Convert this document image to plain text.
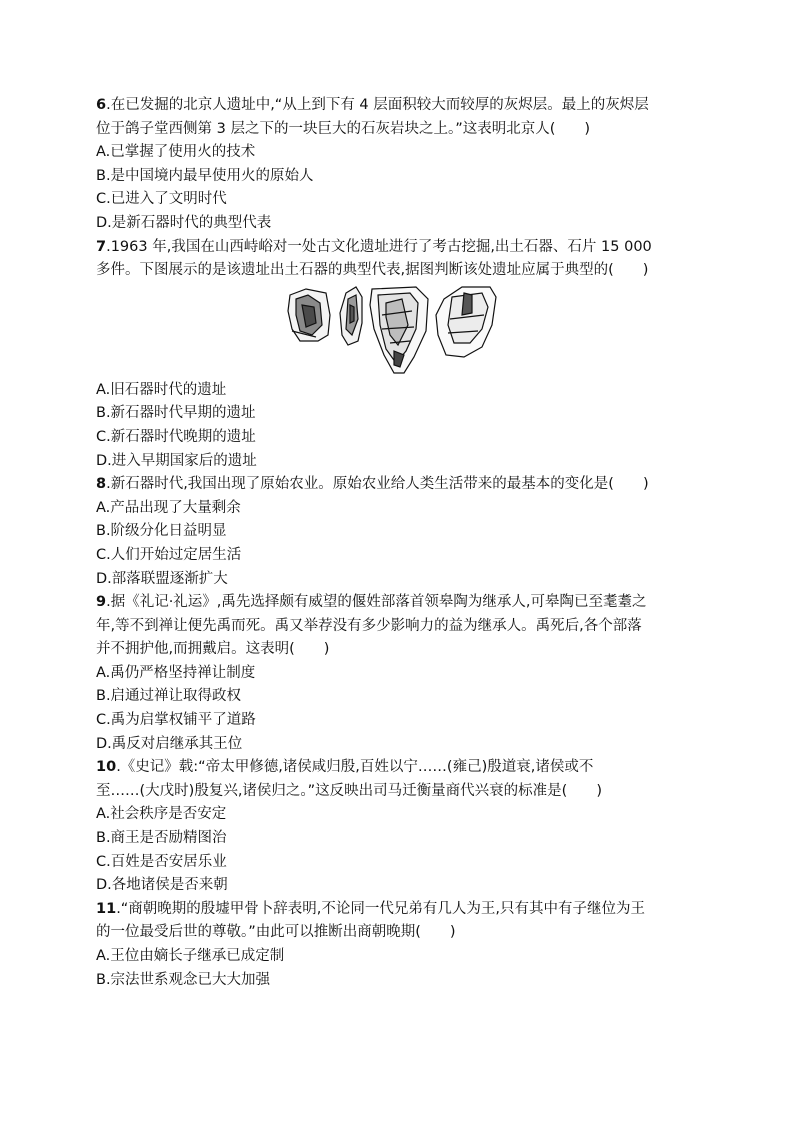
6.在已发掘的北京人遗址中,“从上到下有 4 层面积较大而较厚的灰烬层。最上的灰烬层
位于鸽子堂西侧第 3 层之下的一块巨大的石灰岩块之上。”这表明北京人(　　)
A.已掌握了使用火的技术
B.是中国境内最早使用火的原始人
C.已进入了文明时代
D.是新石器时代的典型代表
7.1963 年,我国在山西峙峪对一处古文化遗址进行了考古挖掘,出土石器、石片 15 000
多件。下图展示的是该遗址出土石器的典型代表,据图判断该处遗址应属于典型的(　　)
A.旧石器时代的遗址
B.新石器时代早期的遗址
C.新石器时代晚期的遗址
D.进入早期国家后的遗址
8.新石器时代,我国出现了原始农业。原始农业给人类生活带来的最基本的变化是(　　)
A.产品出现了大量剩余
B.阶级分化日益明显
C.人们开始过定居生活
D.部落联盟逐渐扩大
9.据《礼记·礼运》,禹先选择颇有威望的偃姓部落首领皋陶为继承人,可皋陶已至耄耋之
年,等不到禅让便先禹而死。禹又举荐没有多少影响力的益为继承人。禹死后,各个部落
并不拥护他,而拥戴启。这表明(　　)
A.禹仍严格坚持禅让制度
B.启通过禅让取得政权
C.禹为启掌权铺平了道路
D.禹反对启继承其王位
10.《史记》载:“帝太甲修德,诸侯咸归殷,百姓以宁……(雍己)殷道衰,诸侯或不
至……(大戊时)殷复兴,诸侯归之。”这反映出司马迁衡量商代兴衰的标准是(　　)
A.社会秩序是否安定
B.商王是否励精图治
C.百姓是否安居乐业
D.各地诸侯是否来朝
11.“商朝晚期的殷墟甲骨卜辞表明,不论同一代兄弟有几人为王,只有其中有子继位为王
的一位最受后世的尊敬。”由此可以推断出商朝晚期(　　)
A.王位由嫡长子继承已成定制
B.宗法世系观念已大大加强
